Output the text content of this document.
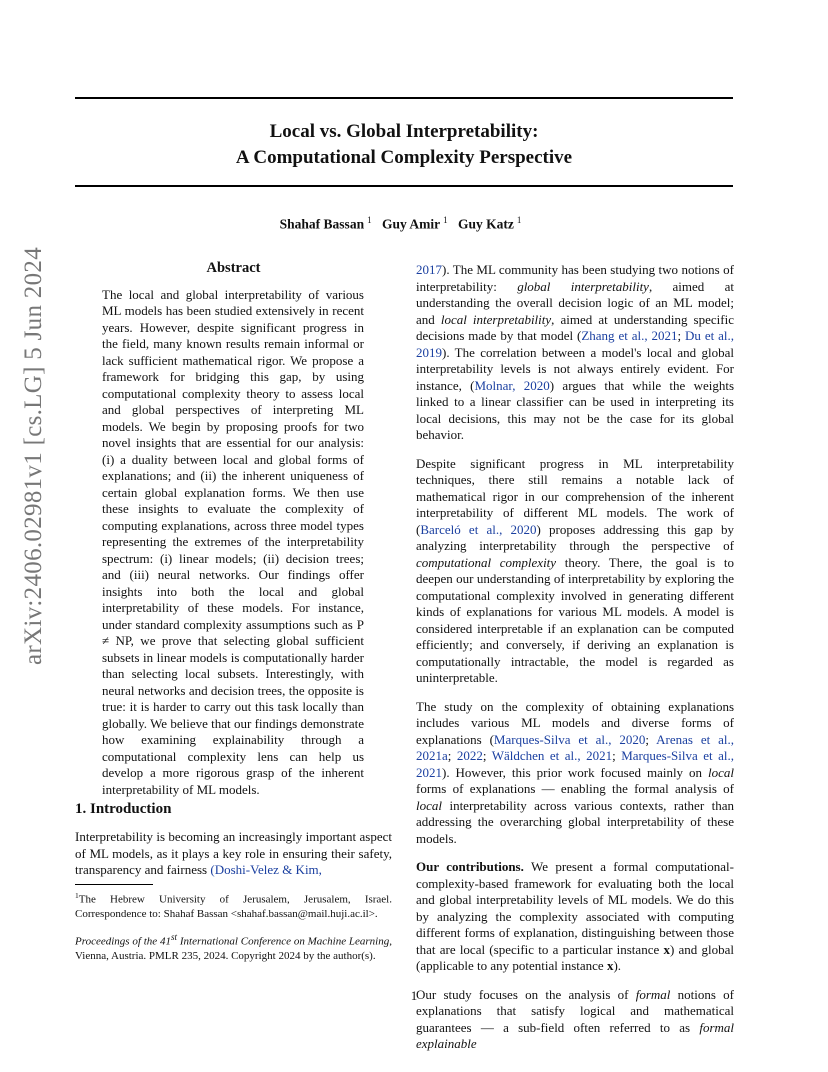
arXiv:2406.02981v1 [cs.LG] 5 Jun 2024
Local vs. Global Interpretability:
A Computational Complexity Perspective
Shahaf Bassan $^1$ Guy Amir $^1$ Guy Katz $^1$
Abstract
The local and global interpretability of various ML models has been studied extensively in recent years. However, despite significant progress in the field, many known results remain informal or lack sufficient mathematical rigor. We propose a framework for bridging this gap, by using computational complexity theory to assess local and global perspectives of interpreting ML models. We begin by proposing proofs for two novel insights that are essential for our analysis: (i) a duality between local and global forms of explanations; and (ii) the inherent uniqueness of certain global explanation forms. We then use these insights to evaluate the complexity of computing explanations, across three model types representing the extremes of the interpretability spectrum: (i) linear models; (ii) decision trees; and (iii) neural networks. Our findings offer insights into both the local and global interpretability of these models. For instance, under standard complexity assumptions such as P ≠ NP, we prove that selecting global sufficient subsets in linear models is computationally harder than selecting local subsets. Interestingly, with neural networks and decision trees, the opposite is true: it is harder to carry out this task locally than globally. We believe that our findings demonstrate how examining explainability through a computational complexity lens can help us develop a more rigorous grasp of the inherent interpretability of ML models.
1. Introduction

Interpretability is becoming an increasingly important aspect of ML models, as it plays a key role in ensuring their safety, transparency and fairness (Doshi-Velez & Kim,

$^1$The Hebrew University of Jerusalem, Jerusalem, Israel. Correspondence to: Shahaf Bassan <shahaf.bassan@mail.huji.ac.il>.

Proceedings of the 41st International Conference on Machine Learning, Vienna, Austria. PMLR 235, 2024. Copyright 2024 by the author(s).

2017). The ML community has been studying two notions of interpretability: global interpretability, aimed at understanding the overall decision logic of an ML model; and local interpretability, aimed at understanding specific decisions made by that model (Zhang et al., 2021; Du et al., 2019). The correlation between a model's local and global interpretability levels is not always entirely evident. For instance, (Molnar, 2020) argues that while the weights linked to a linear classifier can be used in interpreting its local decisions, this may not be the case for its global behavior.

Despite significant progress in ML interpretability techniques, there still remains a notable lack of mathematical rigor in our comprehension of the inherent interpretability of different ML models. The work of (Barceló et al., 2020) proposes addressing this gap by analyzing interpretability through the perspective of computational complexity theory. There, the goal is to deepen our understanding of interpretability by exploring the computational complexity involved in generating different kinds of explanations for various ML models. A model is considered interpretable if an explanation can be computed efficiently; and conversely, if deriving an explanation is computationally intractable, the model is regarded as uninterpretable.

The study on the complexity of obtaining explanations includes various ML models and diverse forms of explanations (Marques-Silva et al., 2020; Arenas et al., 2021a; 2022; Wäldchen et al., 2021; Marques-Silva et al., 2021). However, this prior work focused mainly on local forms of explanations — enabling the formal analysis of local interpretability across various contexts, rather than addressing the overarching global interpretability of these models.

Our contributions. We present a formal computational-complexity-based framework for evaluating both the local and global interpretability levels of ML models. We do this by analyzing the complexity associated with computing different forms of explanation, distinguishing between those that are local (specific to a particular instance x) and global (applicable to any potential instance x).

Our study focuses on the analysis of formal notions of explanations that satisfy logical and mathematical guarantees — a sub-field often referred to as formal explainable

1
